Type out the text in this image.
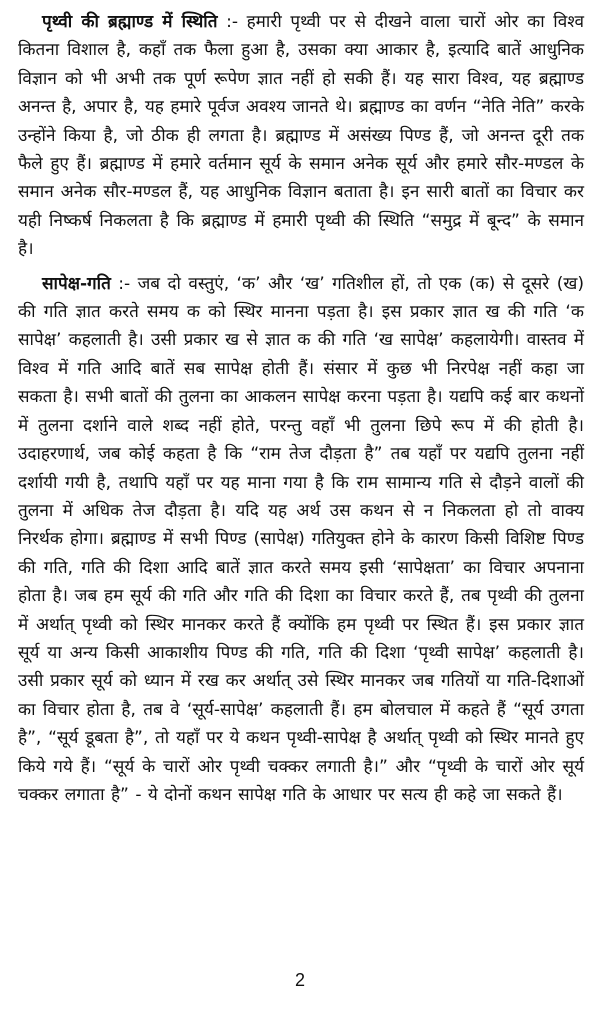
पृथ्वी की ब्रह्माण्ड में स्थिति :- हमारी पृथ्वी पर से दीखने वाला चारों ओर का विश्व कितना विशाल है, कहाँ तक फैला हुआ है, उसका क्या आकार है, इत्यादि बातें आधुनिक विज्ञान को भी अभी तक पूर्ण रूपेण ज्ञात नहीं हो सकी हैं। यह सारा विश्व, यह ब्रह्माण्ड अनन्त है, अपार है, यह हमारे पूर्वज अवश्य जानते थे। ब्रह्माण्ड का वर्णन “नेति नेति” करके उन्होंने किया है, जो ठीक ही लगता है। ब्रह्माण्ड में असंख्य पिण्ड हैं, जो अनन्त दूरी तक फैले हुए हैं। ब्रह्माण्ड में हमारे वर्तमान सूर्य के समान अनेक सूर्य और हमारे सौर-मण्डल के समान अनेक सौर-मण्डल हैं, यह आधुनिक विज्ञान बताता है। इन सारी बातों का विचार कर यही निष्कर्ष निकलता है कि ब्रह्माण्ड में हमारी पृथ्वी की स्थिति “समुद्र में बून्द” के समान है।

सापेक्ष-गति :- जब दो वस्तुएं, ‘क’ और ‘ख’ गतिशील हों, तो एक (क) से दूसरे (ख) की गति ज्ञात करते समय क को स्थिर मानना पड़ता है। इस प्रकार ज्ञात ख की गति ‘क सापेक्ष’ कहलाती है। उसी प्रकार ख से ज्ञात क की गति ‘ख सापेक्ष’ कहलायेगी। वास्तव में विश्व में गति आदि बातें सब सापेक्ष होती हैं। संसार में कुछ भी निरपेक्ष नहीं कहा जा सकता है। सभी बातों की तुलना का आकलन सापेक्ष करना पड़ता है। यद्यपि कई बार कथनों में तुलना दर्शाने वाले शब्द नहीं होते, परन्तु वहाँ भी तुलना छिपे रूप में की होती है। उदाहरणार्थ, जब कोई कहता है कि “राम तेज दौड़ता है” तब यहाँ पर यद्यपि तुलना नहीं दर्शायी गयी है, तथापि यहाँ पर यह माना गया है कि राम सामान्य गति से दौड़ने वालों की तुलना में अधिक तेज दौड़ता है। यदि यह अर्थ उस कथन से न निकलता हो तो वाक्य निरर्थक होगा। ब्रह्माण्ड में सभी पिण्ड (सापेक्ष) गतियुक्त होने के कारण किसी विशिष्ट पिण्ड की गति, गति की दिशा आदि बातें ज्ञात करते समय इसी ‘सापेक्षता’ का विचार अपनाना होता है। जब हम सूर्य की गति और गति की दिशा का विचार करते हैं, तब पृथ्वी की तुलना में अर्थात् पृथ्वी को स्थिर मानकर करते हैं क्योंकि हम पृथ्वी पर स्थित हैं। इस प्रकार ज्ञात सूर्य या अन्य किसी आकाशीय पिण्ड की गति, गति की दिशा ‘पृथ्वी सापेक्ष’ कहलाती है। उसी प्रकार सूर्य को ध्यान में रख कर अर्थात् उसे स्थिर मानकर जब गतियों या गति-दिशाओं का विचार होता है, तब वे ‘सूर्य-सापेक्ष’ कहलाती हैं। हम बोलचाल में कहते हैं “सूर्य उगता है”, “सूर्य डूबता है”, तो यहाँ पर ये कथन पृथ्वी-सापेक्ष है अर्थात् पृथ्वी को स्थिर मानते हुए किये गये हैं। “सूर्य के चारों ओर पृथ्वी चक्कर लगाती है।” और “पृथ्वी के चारों ओर सूर्य चक्कर लगाता है” - ये दोनों कथन सापेक्ष गति के आधार पर सत्य ही कहे जा सकते हैं।

2
